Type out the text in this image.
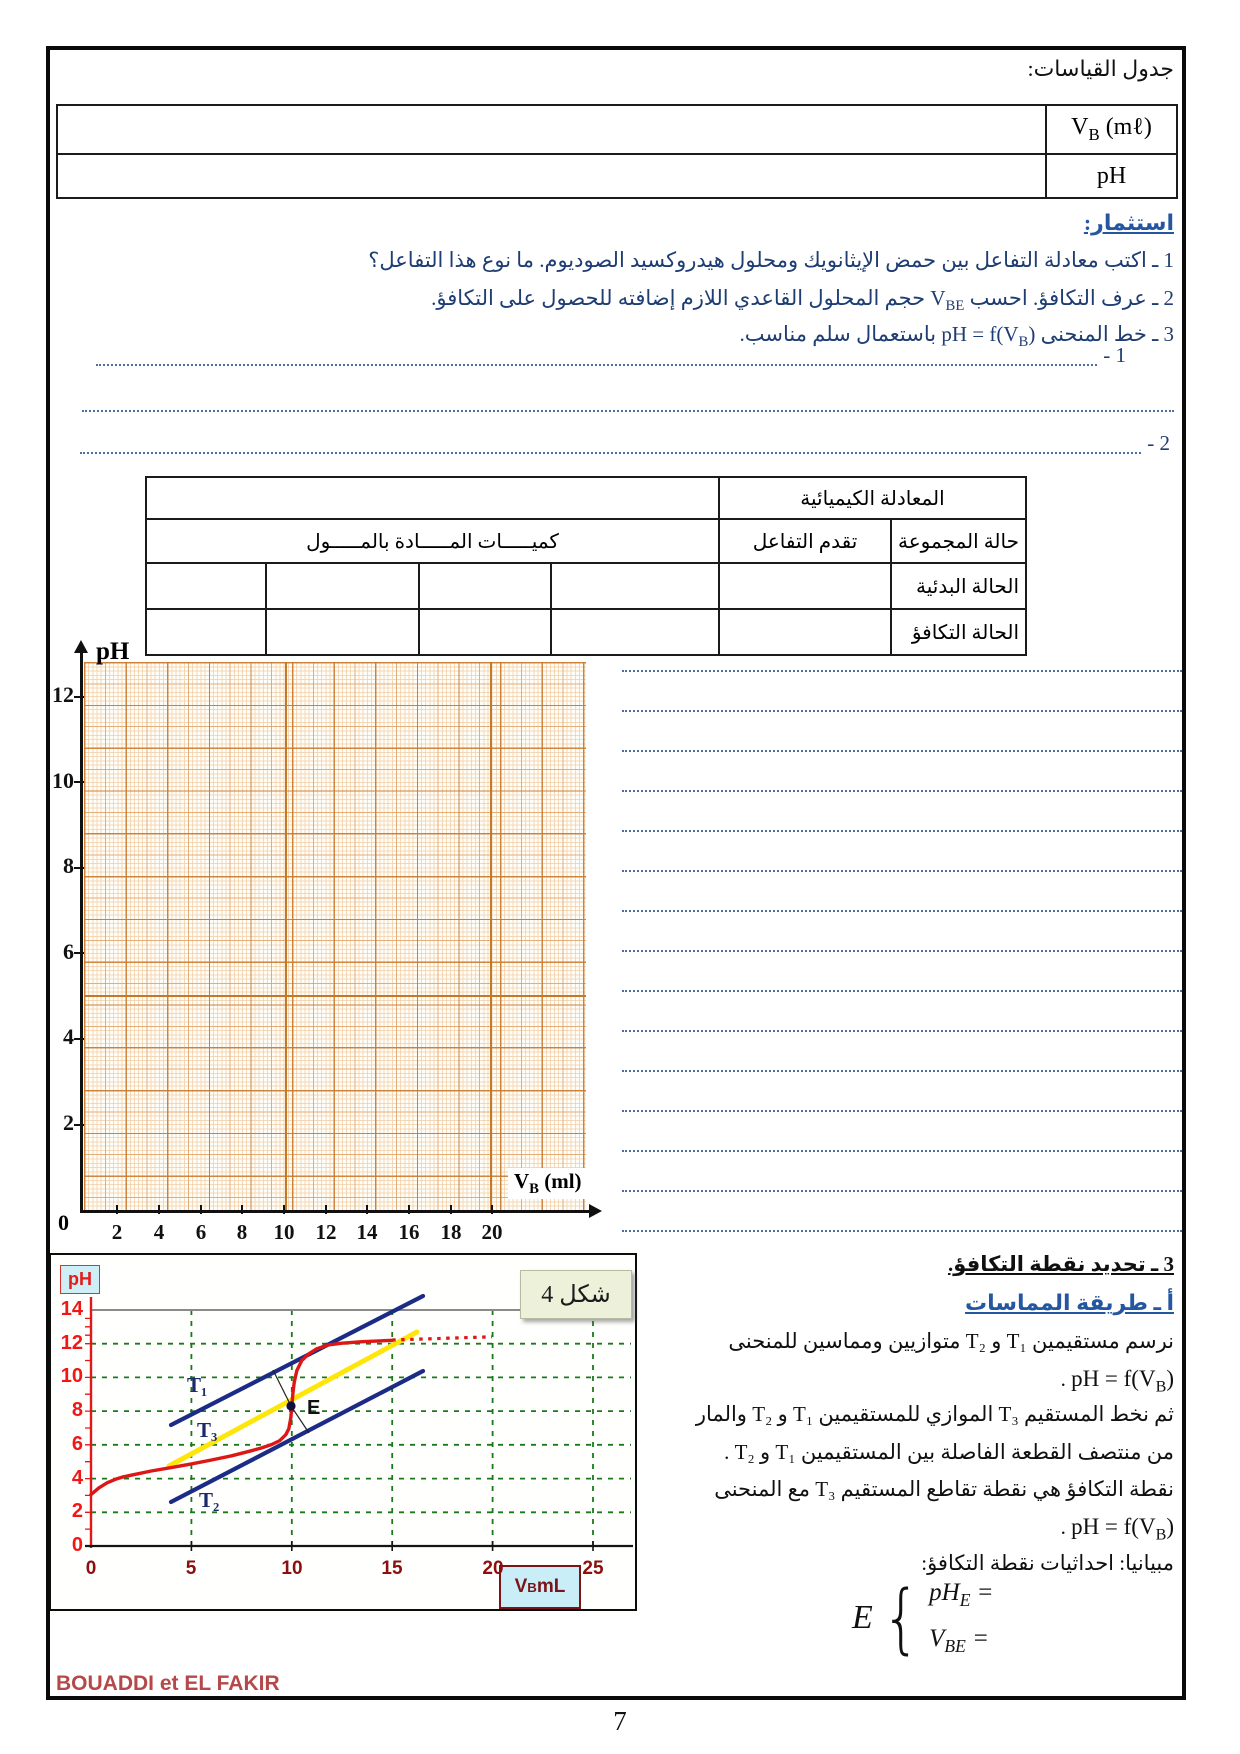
جدول القياسات:
$V_B$ (mℓ)	
pH	
استثمار:
1 ـ اكتب معادلة التفاعل بين حمض الإيثانويك ومحلول هيدروكسيد الصوديوم. ما نوع هذا التفاعل؟
2 ـ عرف التكافؤ. احسب $V_{BE}$ حجم المحلول القاعدي اللازم إضافته للحصول على التكافؤ.
3 ـ خط المنحنى pH = $f(V_B)$ باستعمال سلم مناسب.
1 -
2 -
				المعادلة الكيميائية	
كميـــــات المـــــادة بالمـــــول				تقدم التفاعل	حالة المجموعة
					الحالة البدئية
					الحالة التكافؤ
pH
$V_B$ (ml)
12
10
8
6
4
2
0	2	4	6	8	10	12 14	16	18 20
3 ـ تحديد نقطة التكافؤ.
أ ـ طريقة المماسات
نرسم مستقيمين T₁ و T₂ متوازيين ومماسين للمنحنى
pH = $f(V_B)$ .
ثم نخط المستقيم T₃ الموازي للمستقيمين T₁ و T₂ والمار
من منتصف القطعة الفاصلة بين المستقيمين T₁ و T₂ .
نقطة التكافؤ هي نقطة تقاطع المستقيم T₃ مع المنحنى
pH = $f(V_B)$ .
مبيانيا: احداثيات نقطة التكافؤ:
E { $pH_E$ =
$V_{BE}$ =
pH
شكل 4
V B mL
14
12
10
8
6
4
2
0
0	5	10	15	20	25
T₁
T₃
T₂
E
BOUADDI et EL FAKIR
7
